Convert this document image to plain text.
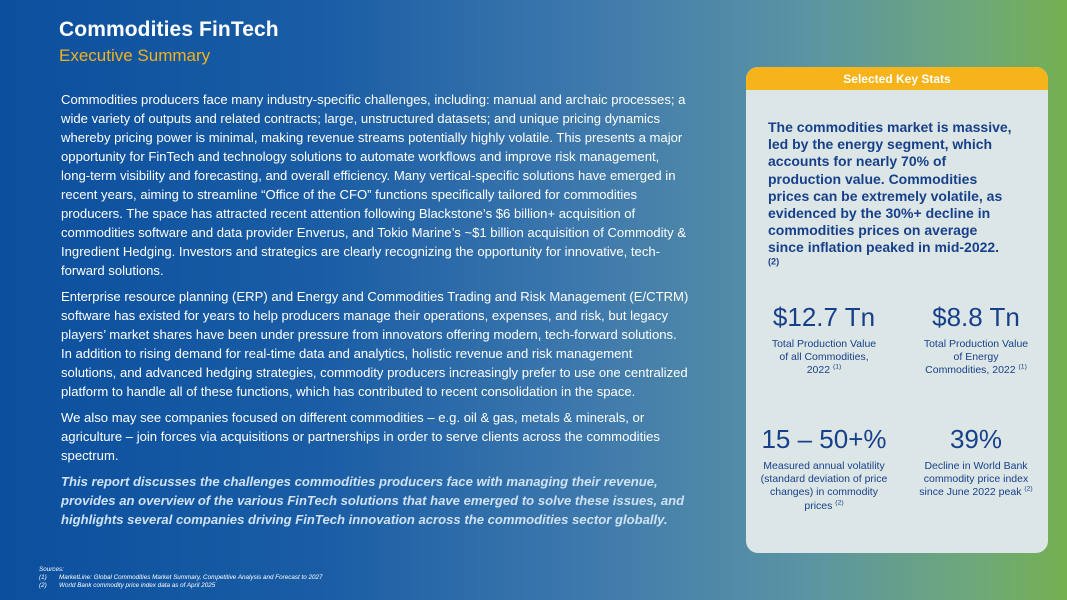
Commodities FinTech
Executive Summary

Commodities producers face many industry-specific challenges, including: manual and archaic processes; a wide variety of outputs and related contracts; large, unstructured datasets; and unique pricing dynamics whereby pricing power is minimal, making revenue streams potentially highly volatile. This presents a major opportunity for FinTech and technology solutions to automate workflows and improve risk management, long-term visibility and forecasting, and overall efficiency. Many vertical-specific solutions have emerged in recent years, aiming to streamline “Office of the CFO” functions specifically tailored for commodities producers. The space has attracted recent attention following Blackstone’s $6 billion+ acquisition of commodities software and data provider Enverus, and Tokio Marine’s ~$1 billion acquisition of Commodity & Ingredient Hedging. Investors and strategics are clearly recognizing the opportunity for innovative, tech-forward solutions.

Enterprise resource planning (ERP) and Energy and Commodities Trading and Risk Management (E/CTRM) software has existed for years to help producers manage their operations, expenses, and risk, but legacy players’ market shares have been under pressure from innovators offering modern, tech-forward solutions. In addition to rising demand for real-time data and analytics, holistic revenue and risk management solutions, and advanced hedging strategies, commodity producers increasingly prefer to use one centralized platform to handle all of these functions, which has contributed to recent consolidation in the space.

We also may see companies focused on different commodities – e.g. oil & gas, metals & minerals, or agriculture – join forces via acquisitions or partnerships in order to serve clients across the commodities spectrum.

This report discusses the challenges commodities producers face with managing their revenue, provides an overview of the various FinTech solutions that have emerged to solve these issues, and highlights several companies driving FinTech innovation across the commodities sector globally.

Sources:
(1)	MarketLine: Global Commodities Market Summary, Competitive Analysis and Forecast to 2027
(2)	World Bank commodity price index data as of April 2025
Selected Key Stats
The commodities market is massive, led by the energy segment, which accounts for nearly 70% of production value. Commodities prices can be extremely volatile, as evidenced by the 30%+ decline in commodities prices on average since inflation peaked in mid-2022. $^{(2)}$
$12.7 Tn
Total Production Value of all Commodities, 2022 $^{(1)}$
$8.8 Tn
Total Production Value of Energy Commodities, 2022 $^{(1)}$
15 – 50+%
Measured annual volatility (standard deviation of price changes) in commodity prices $^{(2)}$
39%
Decline in World Bank commodity price index since June 2022 peak $^{(2)}$
